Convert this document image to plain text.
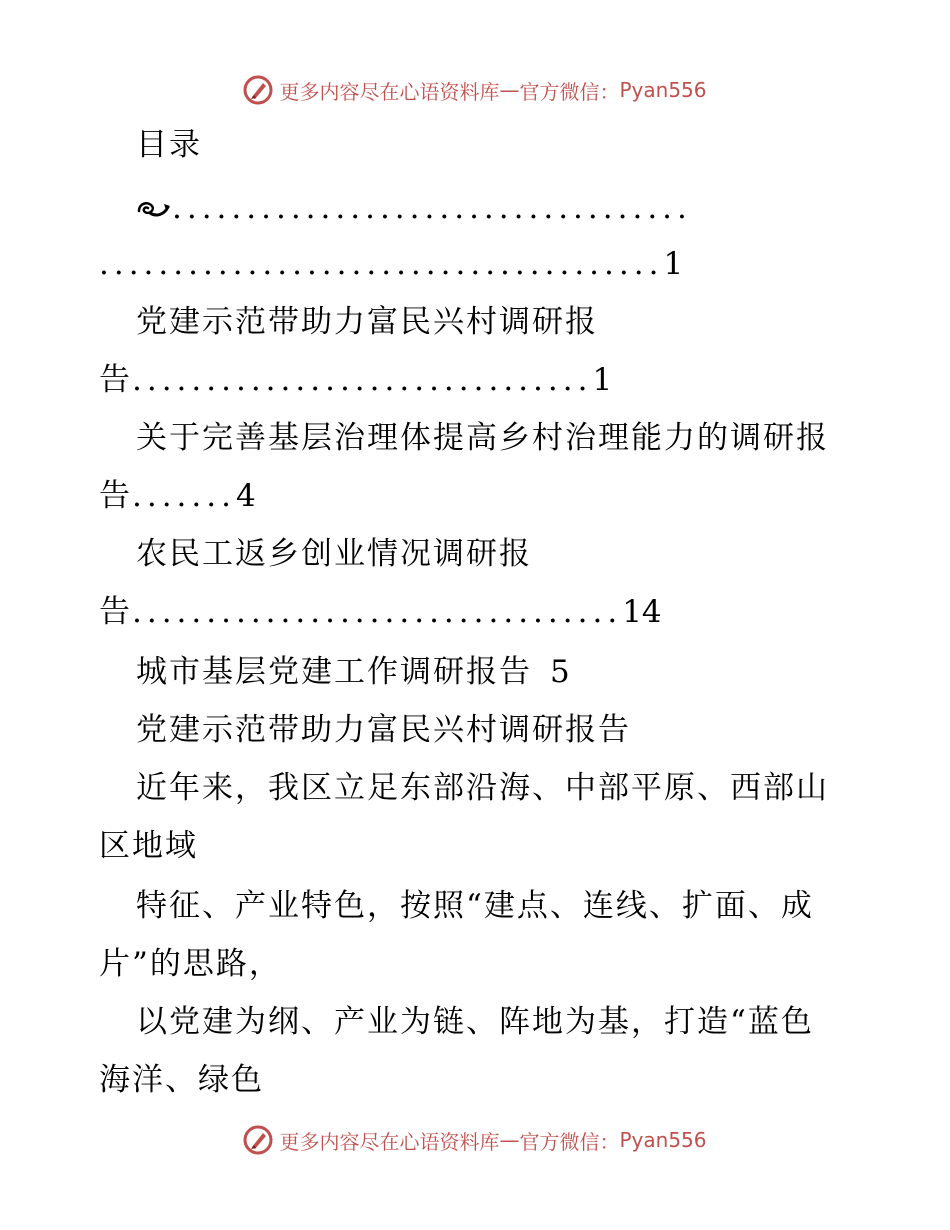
更多内容尽在心语资料库 — 官方微信： Pyan556
目录
...................................
......................................1
党建示范带助力富民兴村调研报
告...............................1
关于完善基层治理体提高乡村治理能力的调研报
告.......4
农民工返乡创业情况调研报
告.................................14
城市基层党建工作调研报告 5
党建示范带助力富民兴村调研报告
近年来，我区立足东部沿海、中部平原、西部山
区地域
特征、产业特色，按照“建点、连线、扩面、成
片”的思路，
以党建为纲、产业为链、阵地为基，打造“蓝色
海洋、绿色
更多内容尽在心语资料库 — 官方微信： Pyan556
